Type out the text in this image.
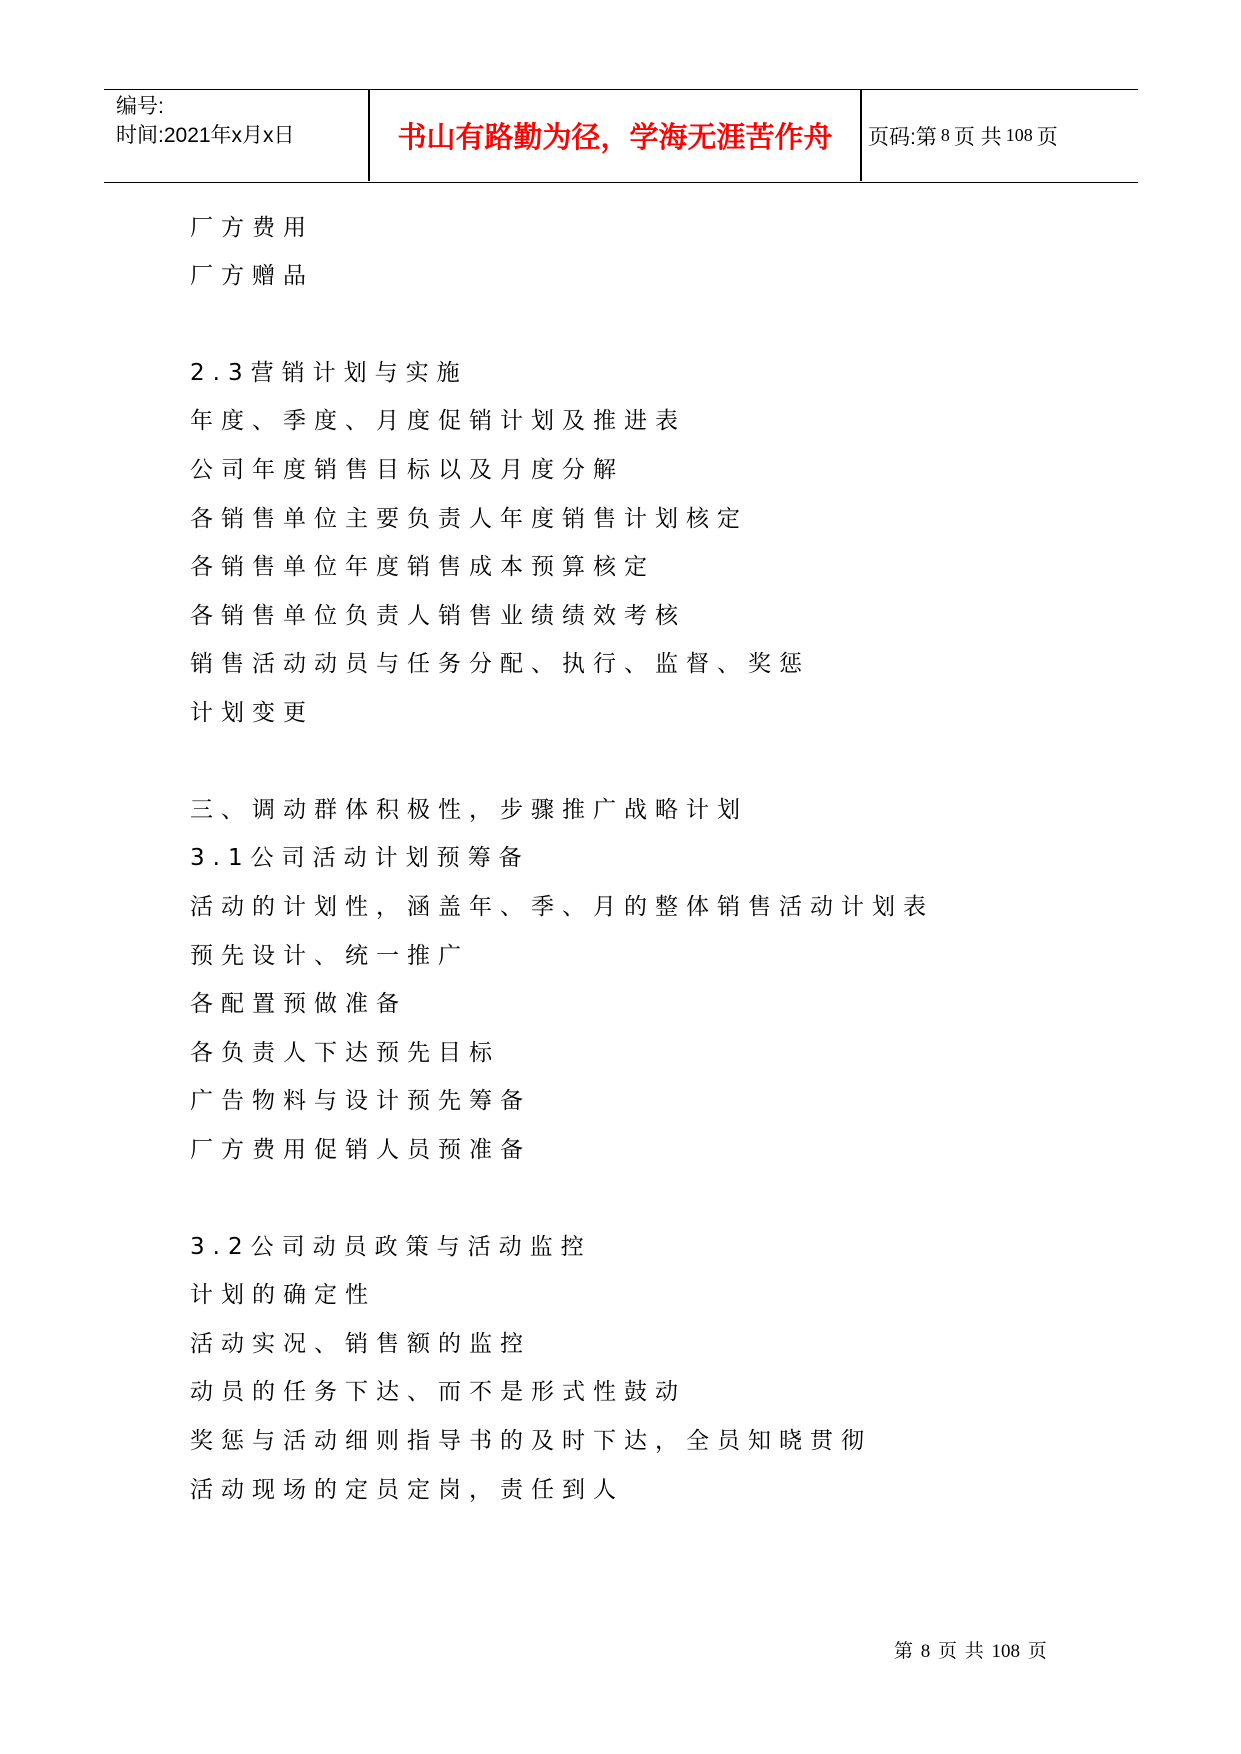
编号:
时间:2021年x月x日	书山有路勤为径，学海无涯苦作舟	页码:第 8 页 共 108 页
厂方费用
厂方赠品
2.3营销计划与实施
年度、季度、月度促销计划及推进表
公司年度销售目标以及月度分解
各销售单位主要负责人年度销售计划核定
各销售单位年度销售成本预算核定
各销售单位负责人销售业绩绩效考核
销售活动动员与任务分配、执行、监督、奖惩
计划变更
三、调动群体积极性，步骤推广战略计划
3.1公司活动计划预筹备
活动的计划性，涵盖年、季、月的整体销售活动计划表
预先设计、统一推广
各配置预做准备
各负责人下达预先目标
广告物料与设计预先筹备
厂方费用促销人员预准备
3.2公司动员政策与活动监控
计划的确定性
活动实况、销售额的监控
动员的任务下达、而不是形式性鼓动
奖惩与活动细则指导书的及时下达，全员知晓贯彻
活动现场的定员定岗，责任到人
第 8 页 共 108 页
